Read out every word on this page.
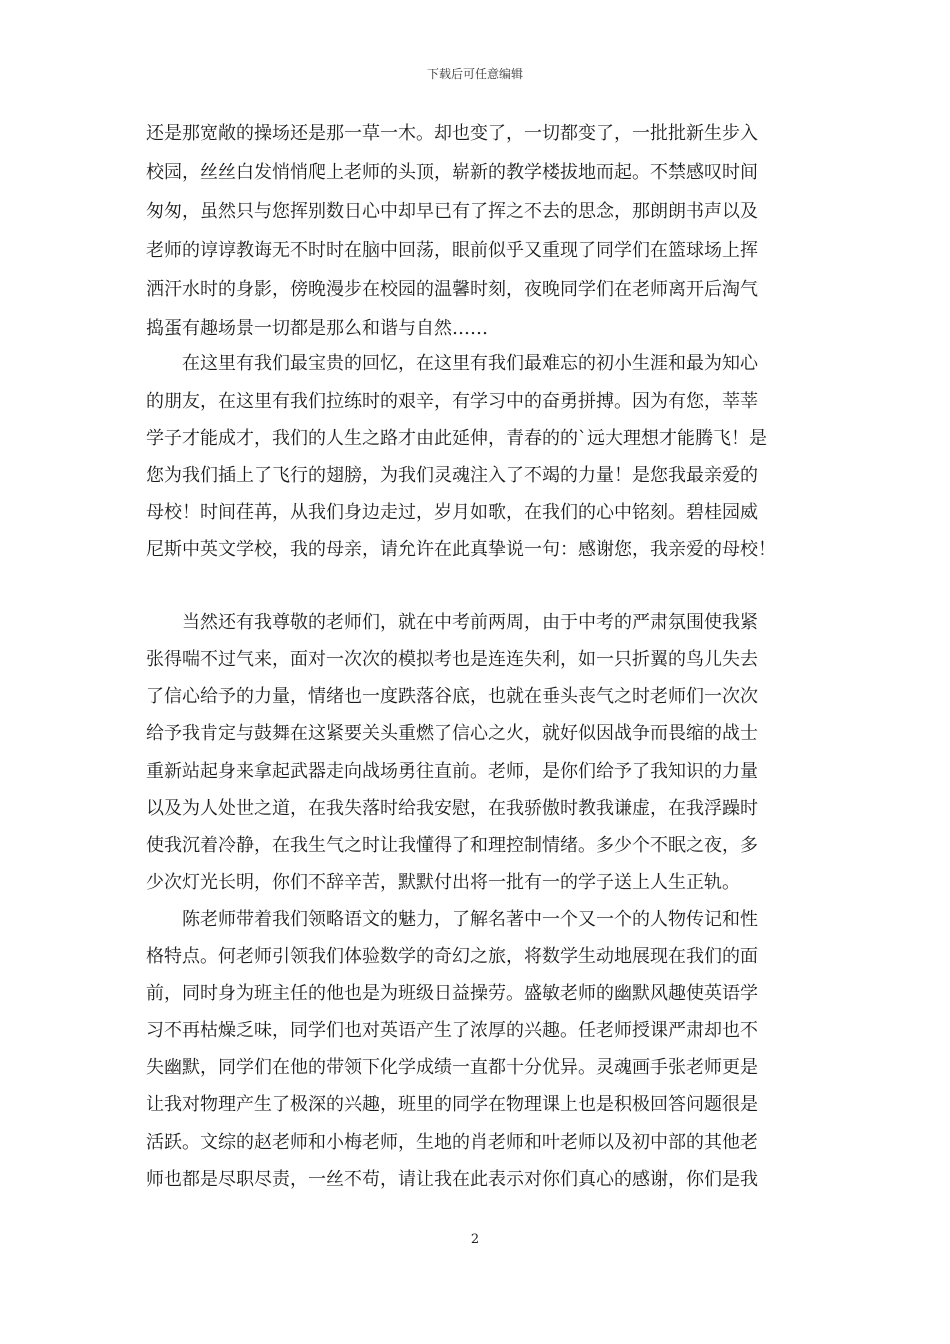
下载后可任意编辑
还是那宽敞的操场还是那一草一木。却也变了，一切都变了，一批批新生步入
校园，丝丝白发悄悄爬上老师的头顶，崭新的教学楼拔地而起。不禁感叹时间
匆匆，虽然只与您挥别数日心中却早已有了挥之不去的思念，那朗朗书声以及
老师的谆谆教诲无不时时在脑中回荡，眼前似乎又重现了同学们在篮球场上挥
洒汗水时的身影，傍晚漫步在校园的温馨时刻，夜晚同学们在老师离开后淘气
捣蛋有趣场景一切都是那么和谐与自然……
在这里有我们最宝贵的回忆，在这里有我们最难忘的初小生涯和最为知心
的朋友，在这里有我们拉练时的艰辛，有学习中的奋勇拼搏。因为有您，莘莘
学子才能成才，我们的人生之路才由此延伸，青春的的`远大理想才能腾飞！是
您为我们插上了飞行的翅膀，为我们灵魂注入了不竭的力量！是您我最亲爱的
母校！时间荏苒，从我们身边走过，岁月如歌，在我们的心中铭刻。碧桂园威
尼斯中英文学校，我的母亲，请允许在此真挚说一句：感谢您，我亲爱的母校！
当然还有我尊敬的老师们，就在中考前两周，由于中考的严肃氛围使我紧
张得喘不过气来，面对一次次的模拟考也是连连失利，如一只折翼的鸟儿失去
了信心给予的力量，情绪也一度跌落谷底，也就在垂头丧气之时老师们一次次
给予我肯定与鼓舞在这紧要关头重燃了信心之火，就好似因战争而畏缩的战士
重新站起身来拿起武器走向战场勇往直前。老师，是你们给予了我知识的力量
以及为人处世之道，在我失落时给我安慰，在我骄傲时教我谦虚，在我浮躁时
使我沉着冷静，在我生气之时让我懂得了和理控制情绪。多少个不眠之夜，多
少次灯光长明，你们不辞辛苦，默默付出将一批有一的学子送上人生正轨。
陈老师带着我们领略语文的魅力，了解名著中一个又一个的人物传记和性
格特点。何老师引领我们体验数学的奇幻之旅，将数学生动地展现在我们的面
前，同时身为班主任的他也是为班级日益操劳。盛敏老师的幽默风趣使英语学
习不再枯燥乏味，同学们也对英语产生了浓厚的兴趣。任老师授课严肃却也不
失幽默，同学们在他的带领下化学成绩一直都十分优异。灵魂画手张老师更是
让我对物理产生了极深的兴趣，班里的同学在物理课上也是积极回答问题很是
活跃。文综的赵老师和小梅老师，生地的肖老师和叶老师以及初中部的其他老
师也都是尽职尽责，一丝不苟，请让我在此表示对你们真心的感谢，你们是我
2
